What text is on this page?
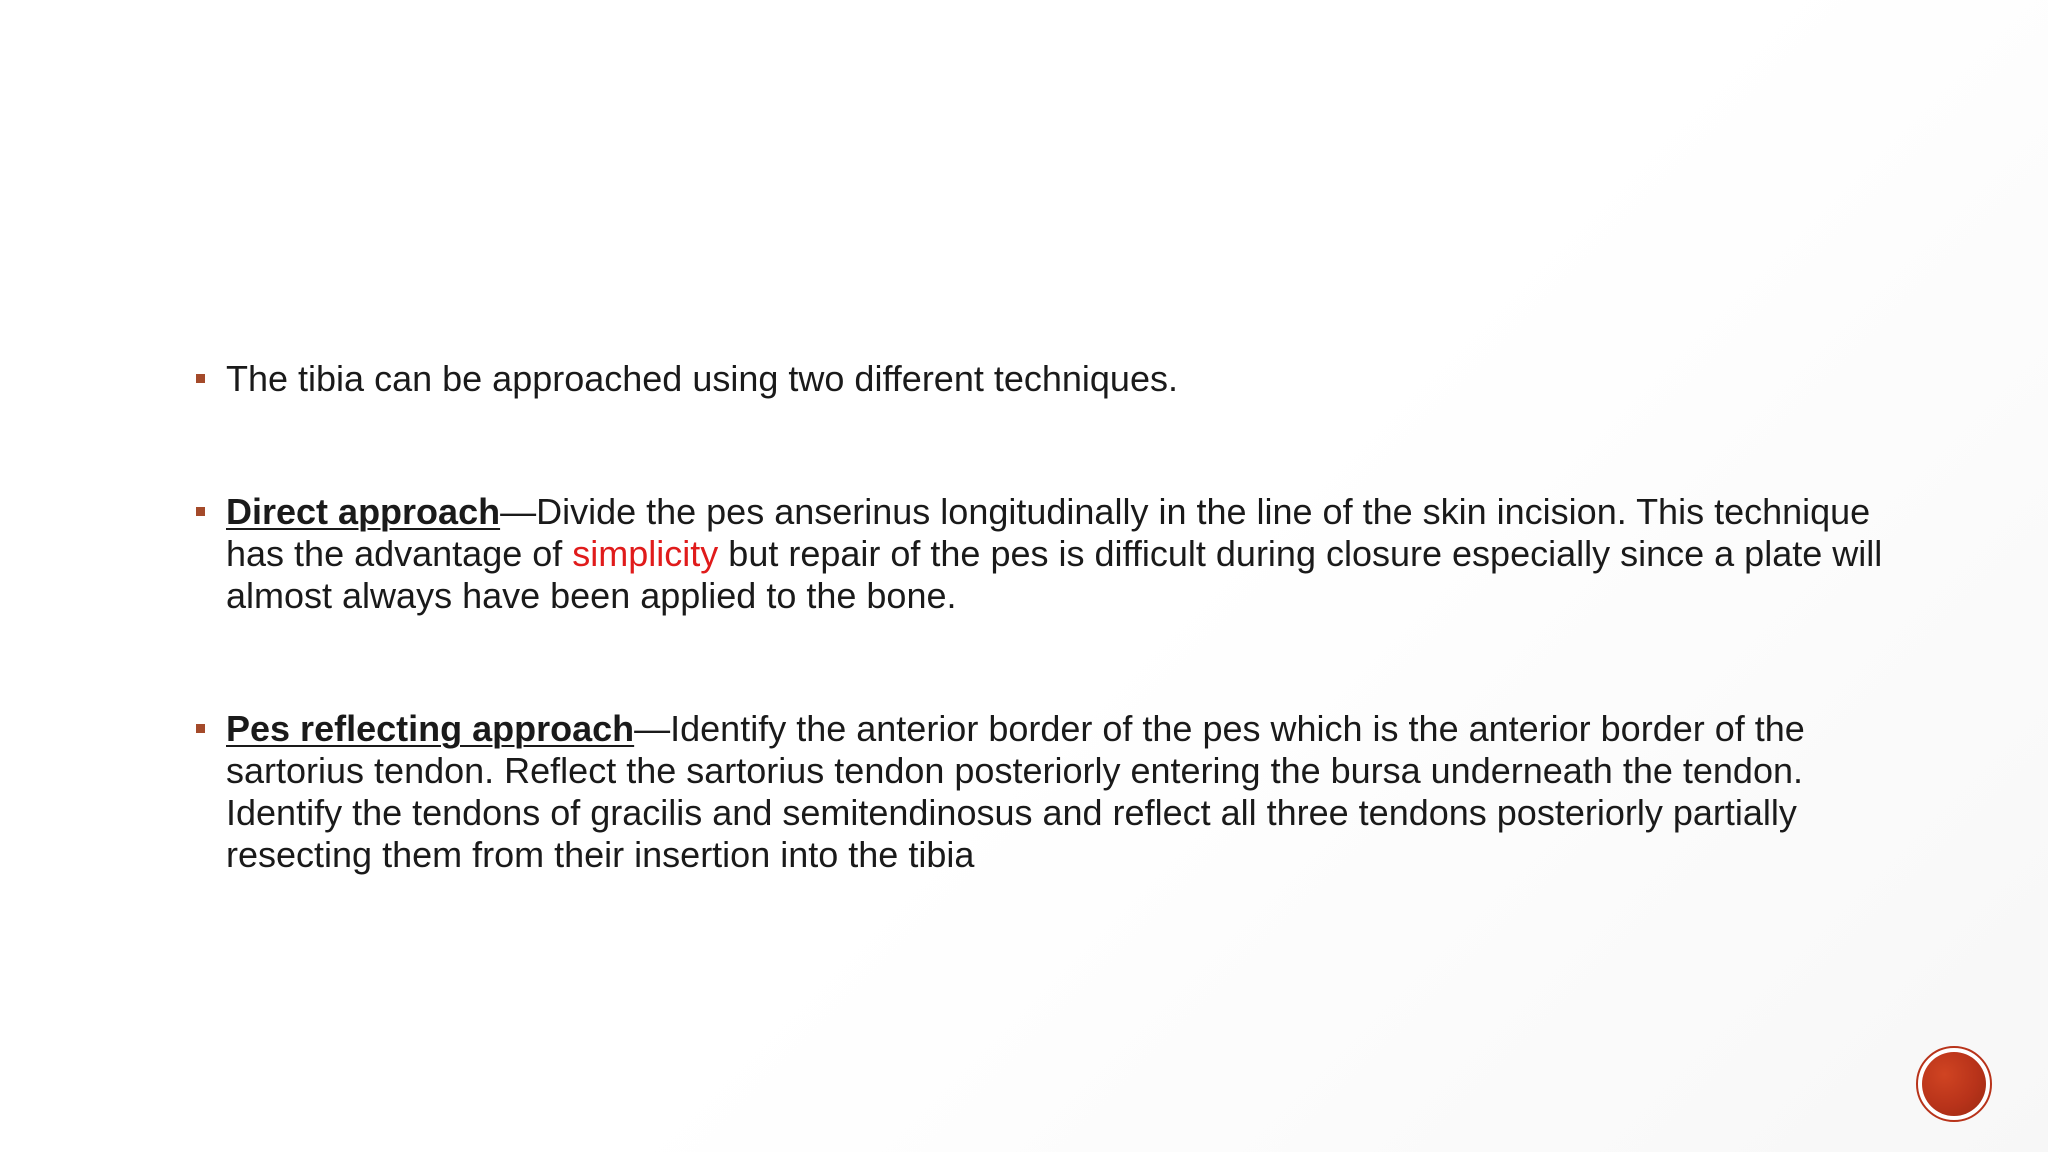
The tibia can be approached using two different techniques.
Direct approach—Divide the pes anserinus longitudinally in the line of the skin incision. This technique has the advantage of simplicity but repair of the pes is difficult during closure especially since a plate will almost always have been applied to the bone.
Pes reflecting approach—Identify the anterior border of the pes which is the anterior border of the sartorius tendon. Reflect the sartorius tendon posteriorly entering the bursa underneath the tendon. Identify the tendons of gracilis and semitendinosus and reflect all three tendons posteriorly partially resecting them from their insertion into the tibia
